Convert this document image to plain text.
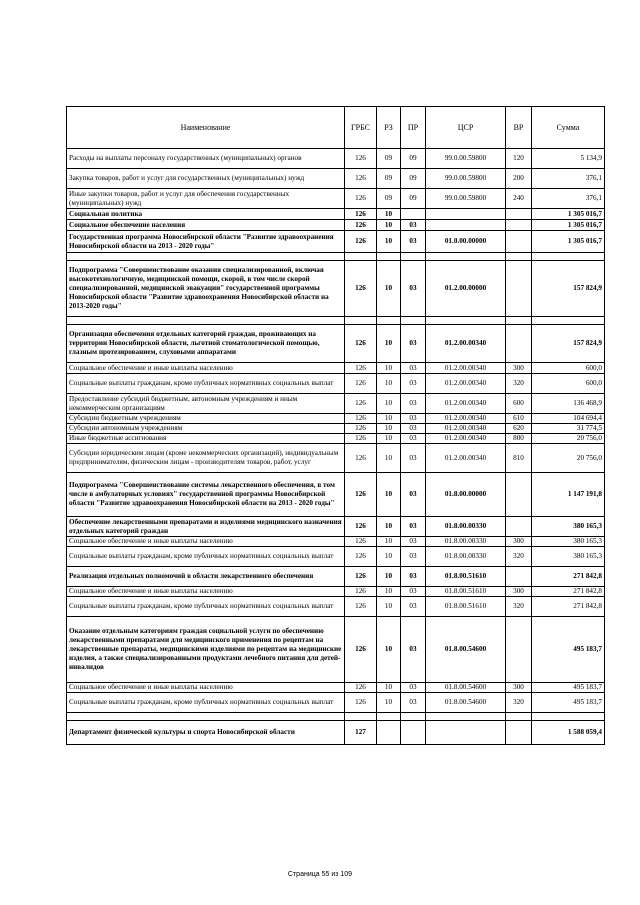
Наименование	ГРБС	РЗ	ПР	ЦСР	ВР	Сумма
Расходы на выплаты персоналу государственных (муниципальных) органов	126	09	09	99.0.00.59800	120	5 134,9
Закупка товаров, работ и услуг для государственных (муниципальных) нужд	126	09	09	99.0.00.59800	200	376,1
Иные закупки товаров, работ и услуг для обеспечения государственных (муниципальных) нужд	126	09	09	99.0.00.59800	240	376,1
Социальная политика	126	10				1 305 016,7
Социальное обеспечение населения	126	10	03			1 305 016,7
Государственная программа Новосибирской области "Развитие здравоохранения Новосибирской области на 2013 - 2020 годы"	126	10	03	01.0.00.00000		1 305 016,7

Подпрограмма "Совершенствование оказания специализированной, включая высокотехнологичную, медицинской помощи, скорой, в том числе скорой специализированной, медицинской эвакуации" государственной программы Новосибирской области "Развитие здравоохранения Новосибирской области на 2013-2020 годы"	126	10	03	01.2.00.00000		157 824,9

Организация обеспечения отдельных категорий граждан, проживающих на территории Новосибирской области, льготной стоматологической помощью, глазным протезированием, слуховыми аппаратами	126	10	03	01.2.00.00340		157 824,9
Социальное обеспечение и иные выплаты населению	126	10	03	01.2.00.00340	300	600,0
Социальные выплаты гражданам, кроме публичных нормативных социальных выплат	126	10	03	01.2.00.00340	320	600,0
Предоставление субсидий бюджетным, автономным учреждениям и иным некоммерческим организациям	126	10	03	01.2.00.00340	600	136 468,9
Субсидии бюджетным учреждениям	126	10	03	01.2.00.00340	610	104 694,4
Субсидии автономным учреждениям	126	10	03	01.2.00.00340	620	31 774,5
Иные бюджетные ассигнования	126	10	03	01.2.00.00340	800	20 756,0
Субсидии юридическим лицам (кроме некоммерческих организаций), индивидуальным предпринимателям, физическим лицам - производителям товаров, работ, услуг	126	10	03	01.2.00.00340	810	20 756,0
Подпрограмма "Совершенствование системы лекарственного обеспечения, в том числе в амбулаторных условиях" государственной программы Новосибирской области "Развитие здравоохранения Новосибирской области на 2013 - 2020 годы"	126	10	03	01.8.00.00000		1 147 191,8
Обеспечение лекарственными препаратами и изделиями медицинского назначения отдельных категорий граждан	126	10	03	01.8.00.00330		380 165,3
Социальное обеспечение и иные выплаты населению	126	10	03	01.8.00.00330	300	380 165,3
Социальные выплаты гражданам, кроме публичных нормативных социальных выплат	126	10	03	01.8.00.00330	320	380 165,3
Реализация отдельных полномочий в области лекарственного обеспечения	126	10	03	01.8.00.51610		271 842,8
Социальное обеспечение и иные выплаты населению	126	10	03	01.8.00.51610	300	271 842,8
Социальные выплаты гражданам, кроме публичных нормативных социальных выплат	126	10	03	01.8.00.51610	320	271 842,8
Оказание отдельным категориям граждан социальной услуги по обеспечению лекарственными препаратами для медицинского применения по рецептам на лекарственные препараты, медицинскими изделиями по рецептам на медицинские изделия, а также специализированными продуктами лечебного питания для детей-инвалидов	126	10	03	01.8.00.54600		495 183,7
Социальное обеспечение и иные выплаты населению	126	10	03	01.8.00.54600	300	495 183,7
Социальные выплаты гражданам, кроме публичных нормативных социальных выплат	126	10	03	01.8.00.54600	320	495 183,7

Департамент физической культуры и спорта Новосибирской области	127					1 588 059,4
Страница 55 из 109
